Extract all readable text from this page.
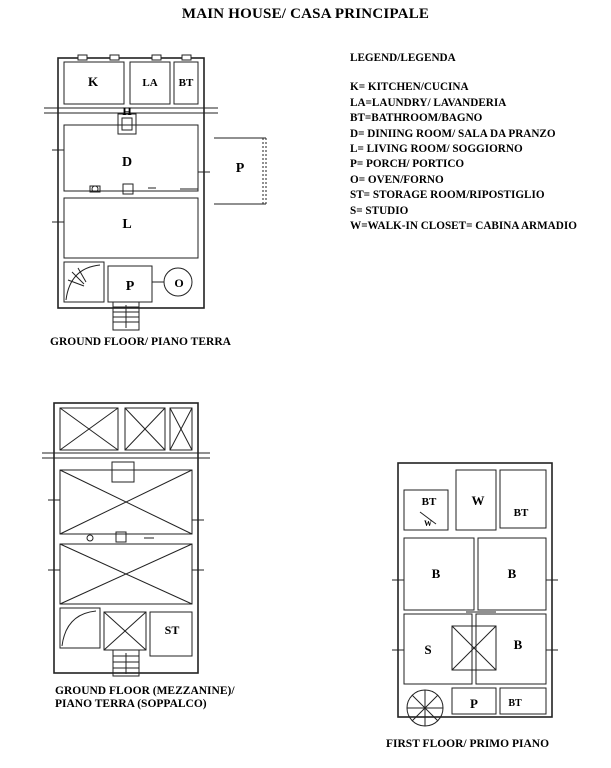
MAIN HOUSE/ CASA PRINCIPALE
LEGEND/LEGENDA
K= KITCHEN/CUCINA
LA=LAUNDRY/ LAVANDERIA
BT=BATHROOM/BAGNO
D= DINIING ROOM/ SALA DA PRANZO
L= LIVING ROOM/ SOGGIORNO
P= PORCH/ PORTICO
O= OVEN/FORNO
ST= STORAGE ROOM/RIPOSTIGLIO
S= STUDIO
W=WALK-IN CLOSET= CABINA ARMADIO
K	LA BT
H
D	P
L
P	O
ST
BT	W
W
BT
B	B
S	B
P	BT
GROUND FLOOR/ PIANO TERRA
GROUND FLOOR (MEZZANINE)/
PIANO TERRA (SOPPALCO)
FIRST FLOOR/ PRIMO PIANO
